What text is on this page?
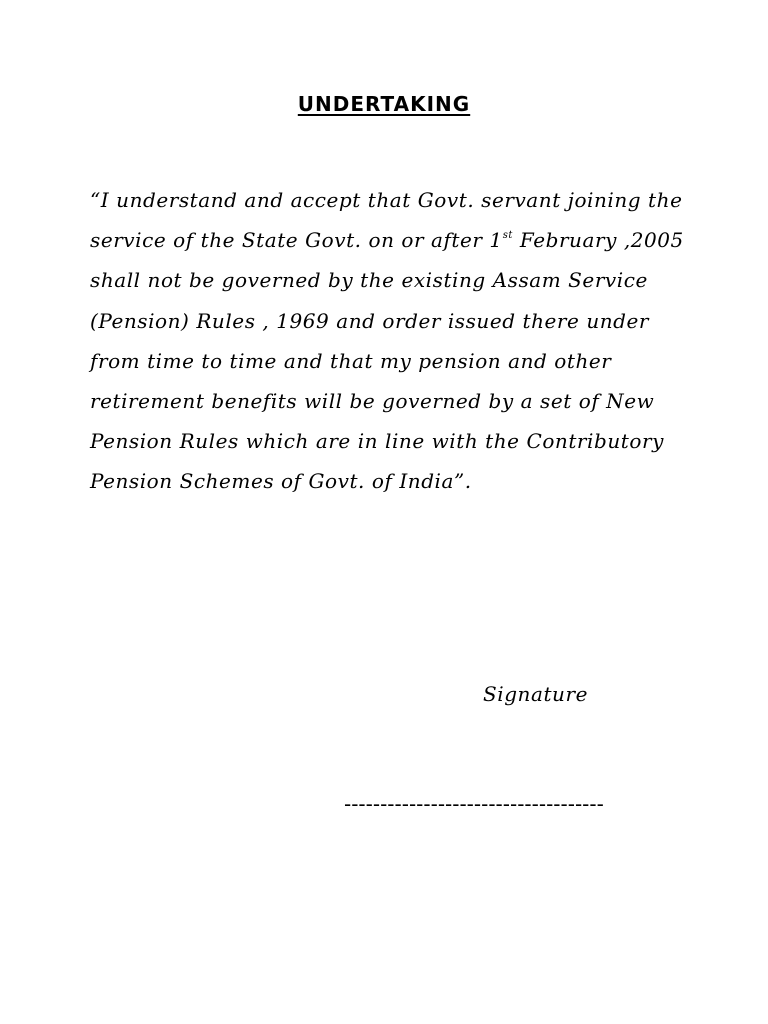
UNDERTAKING
“I understand and accept that Govt. servant joining the
service of the State Govt. on or after 1st February ,2005
shall not be governed by the existing Assam Service
(Pension) Rules , 1969 and order issued there under
from time to time and that my pension and other
retirement benefits will be governed by a set of New
Pension Rules which are in line with the Contributory
Pension Schemes of Govt. of India”.
Signature
------------------------------------
